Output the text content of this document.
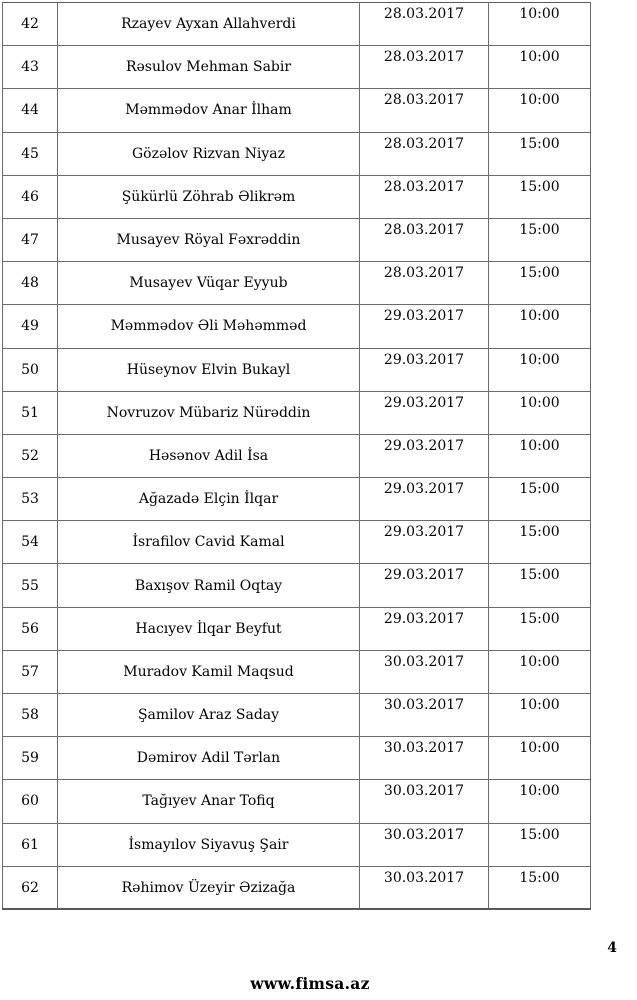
42	Rzayev Ayxan Allahverdi	28.03.2017	10:00
43	Rəsulov Mehman Sabir	28.03.2017	10:00
44	Məmmədov Anar İlham	28.03.2017	10:00
45	Gözəlov Rizvan Niyaz	28.03.2017	15:00
46	Şükürlü Zöhrab Əlikrəm	28.03.2017	15:00
47	Musayev Röyal Fəxrəddin	28.03.2017	15:00
48	Musayev Vüqar Eyyub	28.03.2017	15:00
49	Məmmədov Əli Məhəmməd	29.03.2017	10:00
50	Hüseynov Elvin Bukayl	29.03.2017	10:00
51	Novruzov Mübariz Nürəddin	29.03.2017	10:00
52	Həsənov Adil İsa	29.03.2017	10:00
53	Ağazadə Elçin İlqar	29.03.2017	15:00
54	İsrafilov Cavid Kamal	29.03.2017	15:00
55	Baxışov Ramil Oqtay	29.03.2017	15:00
56	Hacıyev İlqar Beyfut	29.03.2017	15:00
57	Muradov Kamil Maqsud	30.03.2017	10:00
58	Şamilov Araz Saday	30.03.2017	10:00
59	Dəmirov Adil Tərlan	30.03.2017	10:00
60	Tağıyev Anar Tofiq	30.03.2017	10:00
61	İsmayılov Siyavuş Şair	30.03.2017	15:00
62	Rəhimov Üzeyir Əzizağa	30.03.2017	15:00
4
www.fimsa.az
